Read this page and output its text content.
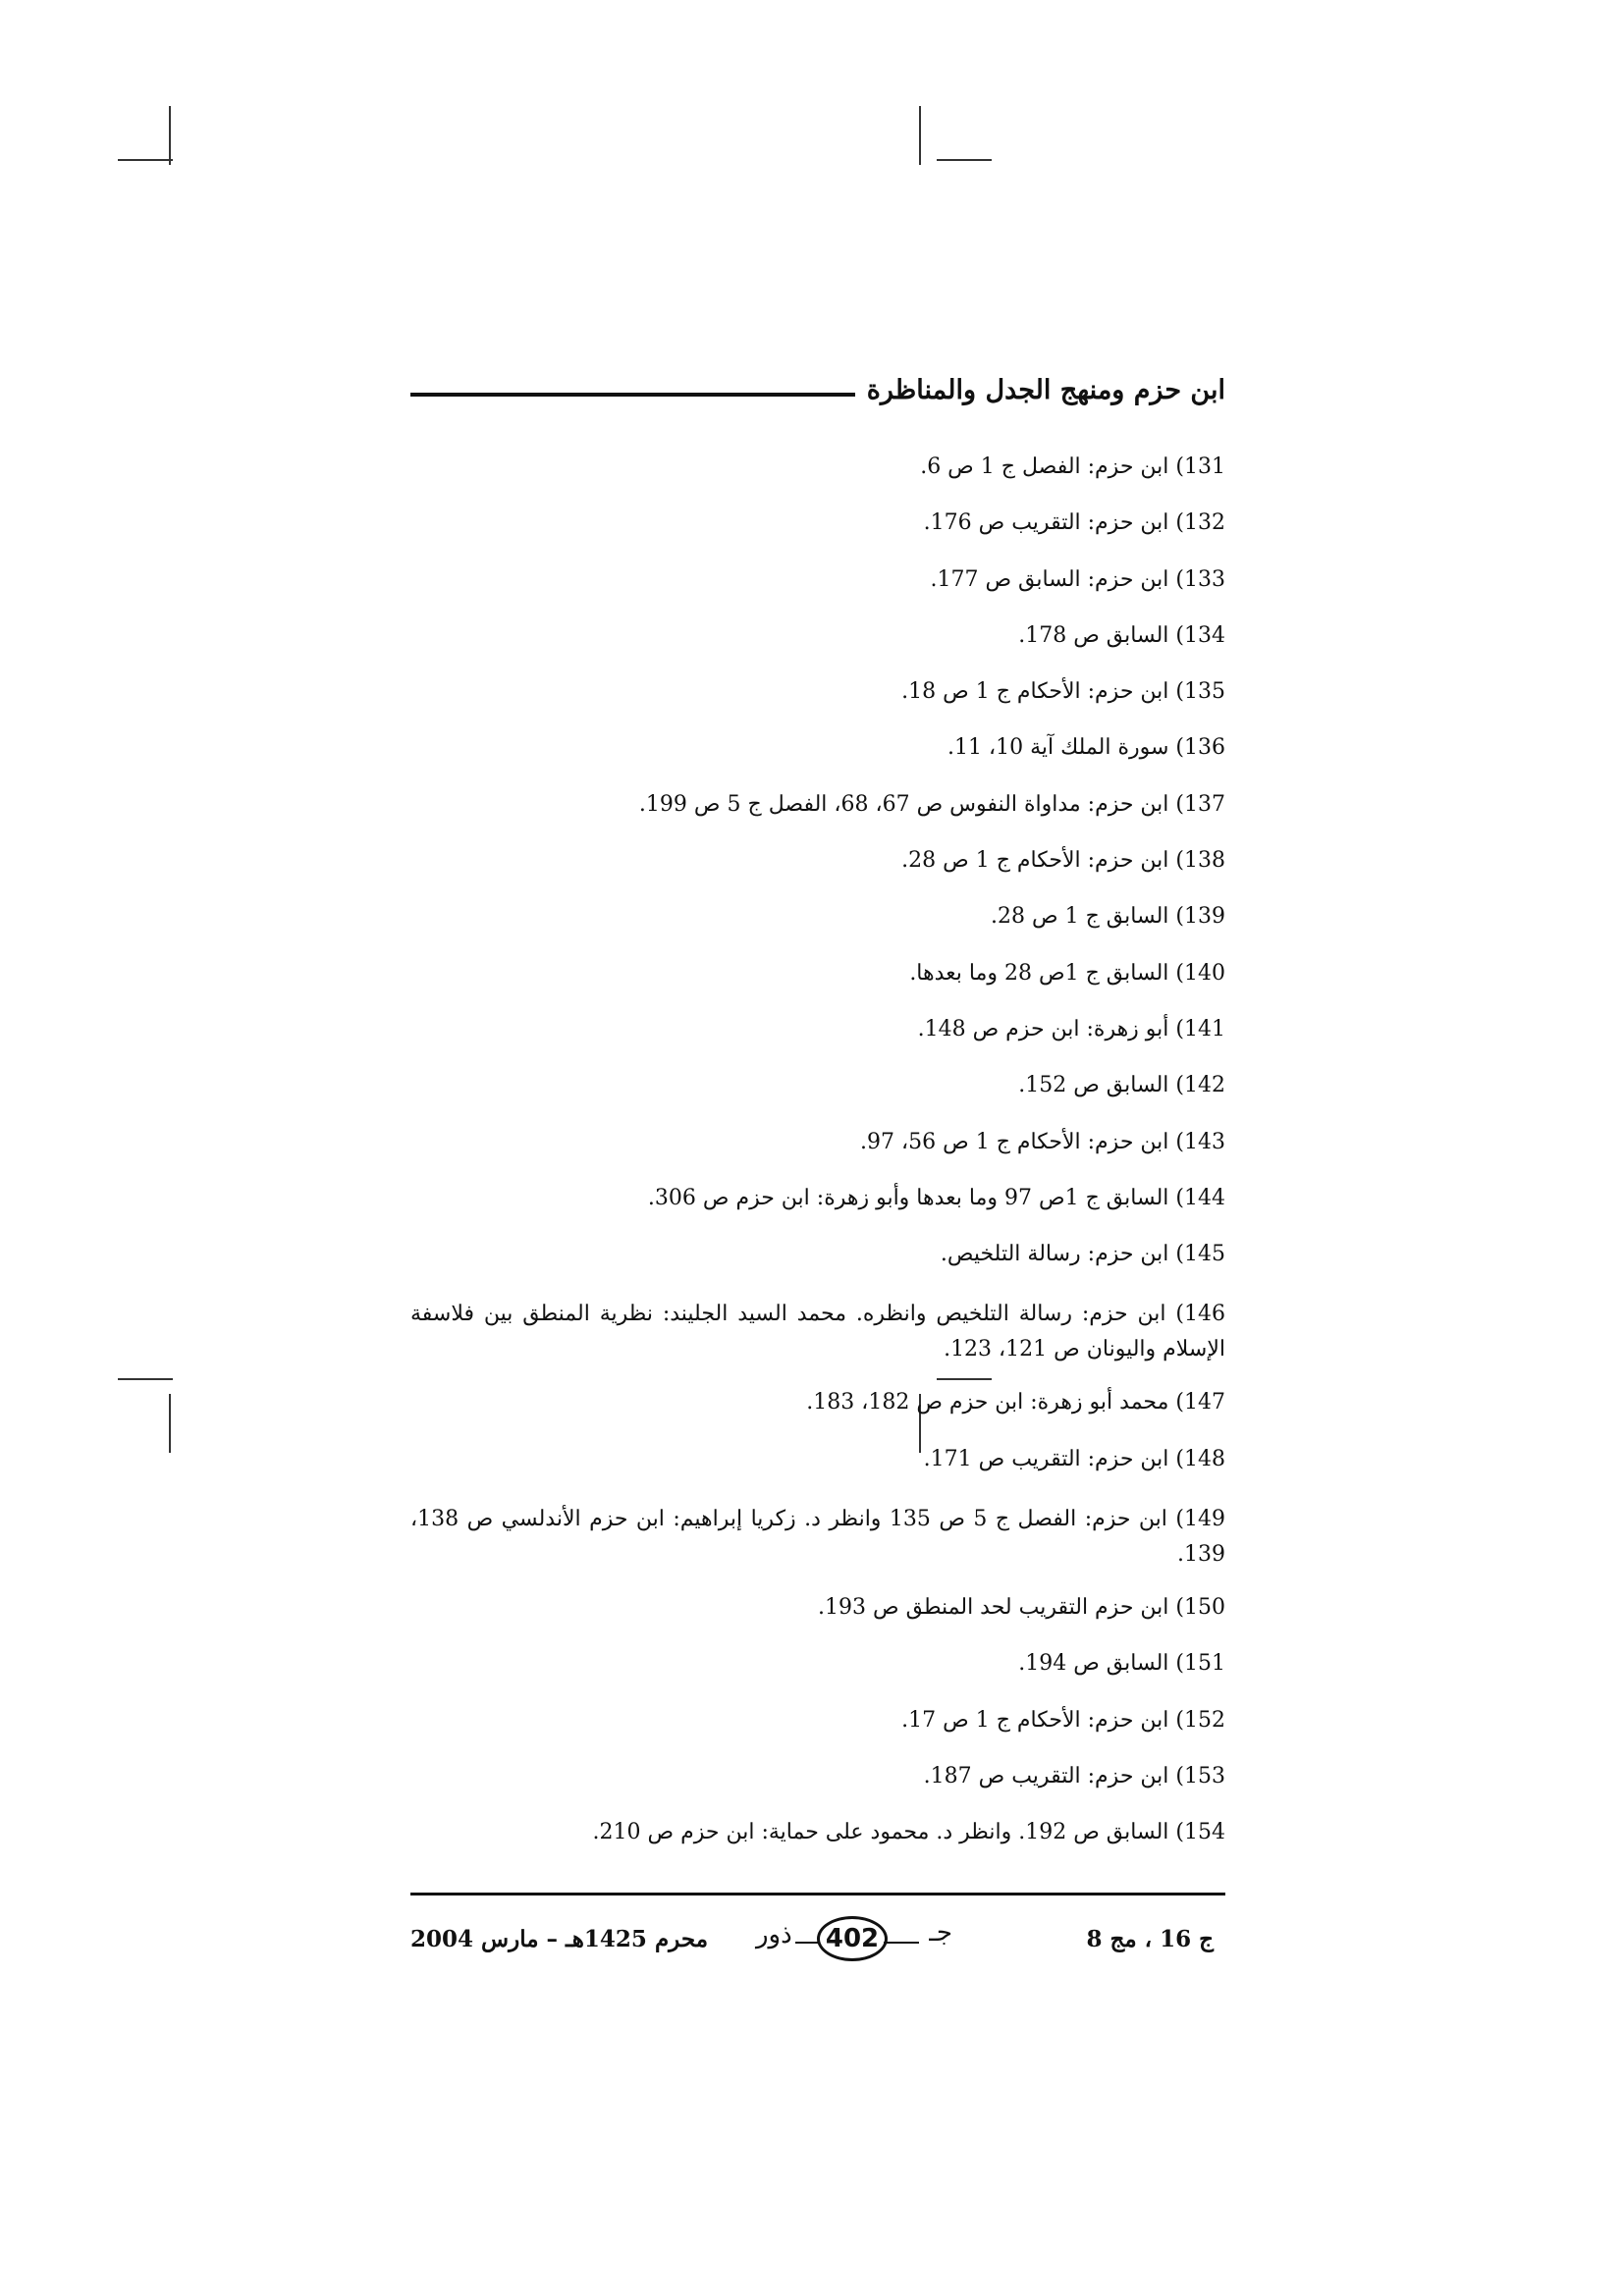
ابن حزم ومنهج الجدل والمناظرة
131) ابن حزم: الفصل ج 1 ص 6.
132) ابن حزم: التقريب ص 176.
133) ابن حزم: السابق ص 177.
134) السابق ص 178.
135) ابن حزم: الأحكام ج 1 ص 18.
136) سورة الملك آية 10، 11.
137) ابن حزم: مداواة النفوس ص 67، 68، الفصل ج 5 ص 199.
138) ابن حزم: الأحكام ج 1 ص 28.
139) السابق ج 1 ص 28.
140) السابق ج 1ص 28 وما بعدها.
141) أبو زهرة: ابن حزم ص 148.
142) السابق ص 152.
143) ابن حزم: الأحكام ج 1 ص 56، 97.
144) السابق ج 1ص 97 وما بعدها وأبو زهرة: ابن حزم ص 306.
145) ابن حزم: رسالة التلخيص.
146) ابن حزم: رسالة التلخيص وانظره. محمد السيد الجليند: نظرية المنطق بين فلاسفة الإسلام واليونان ص 121، 123.
147) محمد أبو زهرة: ابن حزم ص 182، 183.
148) ابن حزم: التقريب ص 171.
149) ابن حزم: الفصل ج 5 ص 135 وانظر د. زكريا إبراهيم: ابن حزم الأندلسي ص 138، 139.
150) ابن حزم التقريب لحد المنطق ص 193.
151) السابق ص 194.
152) ابن حزم: الأحكام ج 1 ص 17.
153) ابن حزم: التقريب ص 187.
154) السابق ص 192. وانظر د. محمود على حماية: ابن حزم ص 210.
ج 16 ، مج 8
ذور	402	جـ
محرم 1425هـ – مارس 2004
